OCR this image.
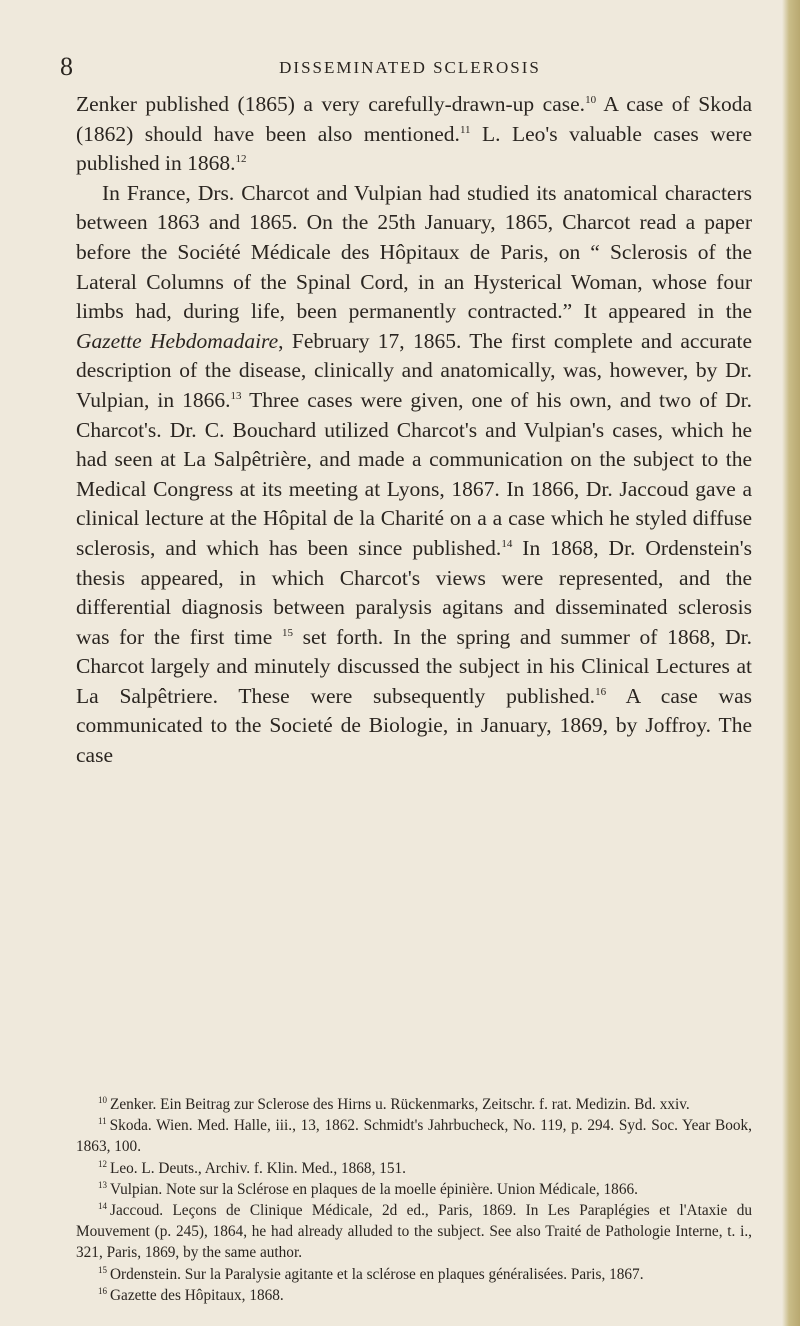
8	DISSEMINATED SCLEROSIS

Zenker published (1865) a very carefully-drawn-up case.$^{10}$ A case of Skoda (1862) should have been also mentioned.$^{11}$ L. Leo's valuable cases were published in 1868.12

In France, Drs. Charcot and Vulpian had studied its anatomical characters between 1863 and 1865. On the 25th January, 1865, Charcot read a paper before the Société Médicale des Hôpitaux de Paris, on “ Sclerosis of the Lateral Columns of the Spinal Cord, in an Hysterical Woman, whose four limbs had, during life, been permanently contracted.” It appeared in the Gazette Hebdomadaire, February 17, 1865. The first complete and accurate description of the disease, clinically and anatomically, was, however, by Dr. Vulpian, in 1866.13 Three cases were given, one of his own, and two of Dr. Charcot's. Dr. C. Bouchard utilized Charcot's and Vulpian's cases, which he had seen at La Salpêtrière, and made a communication on the subject to the Medical Congress at its meeting at Lyons, 1867. In 1866, Dr. Jaccoud gave a clinical lecture at the Hôpital de la Charité on a a case which he styled diffuse sclerosis, and which has been since published.$^{14}$ In 1868, Dr. Ordenstein's thesis appeared, in which Charcot's views were represented, and the differential diagnosis between paralysis agitans and disseminated sclerosis was for the first time $^{15}$ set forth. In the spring and summer of 1868, Dr. Charcot largely and minutely discussed the subject in his Clinical Lectures at La Salpêtriere. These were subsequently published.$^{16}$ A case was communicated to the Societé de Biologie, in January, 1869, by Joffroy. The case

$^{10}$ Zenker. Ein Beitrag zur Sclerose des Hirns u. Rückenmarks, Zeitschr. f. rat. Medizin. Bd. xxiv.

$^{11}$ Skoda. Wien. Med. Halle, iii., 13, 1862. Schmidt's Jahrbucheck, No. 119, p. 294. Syd. Soc. Year Book, 1863, 100.

$^{12}$ Leo. L. Deuts., Archiv. f. Klin. Med., 1868, 151.

$^{13}$ Vulpian. Note sur la Sclérose en plaques de la moelle épinière. Union Médicale, 1866.

$^{14}$ Jaccoud. Leçons de Clinique Médicale, 2d ed., Paris, 1869. In Les Paraplégies et l'Ataxie du Mouvement (p. 245), 1864, he had already alluded to the subject. See also Traité de Pathologie Interne, t. i., 321, Paris, 1869, by the same author.

$^{15}$ Ordenstein. Sur la Paralysie agitante et la sclérose en plaques généralisées. Paris, 1867.

$^{16}$ Gazette des Hôpitaux, 1868.
